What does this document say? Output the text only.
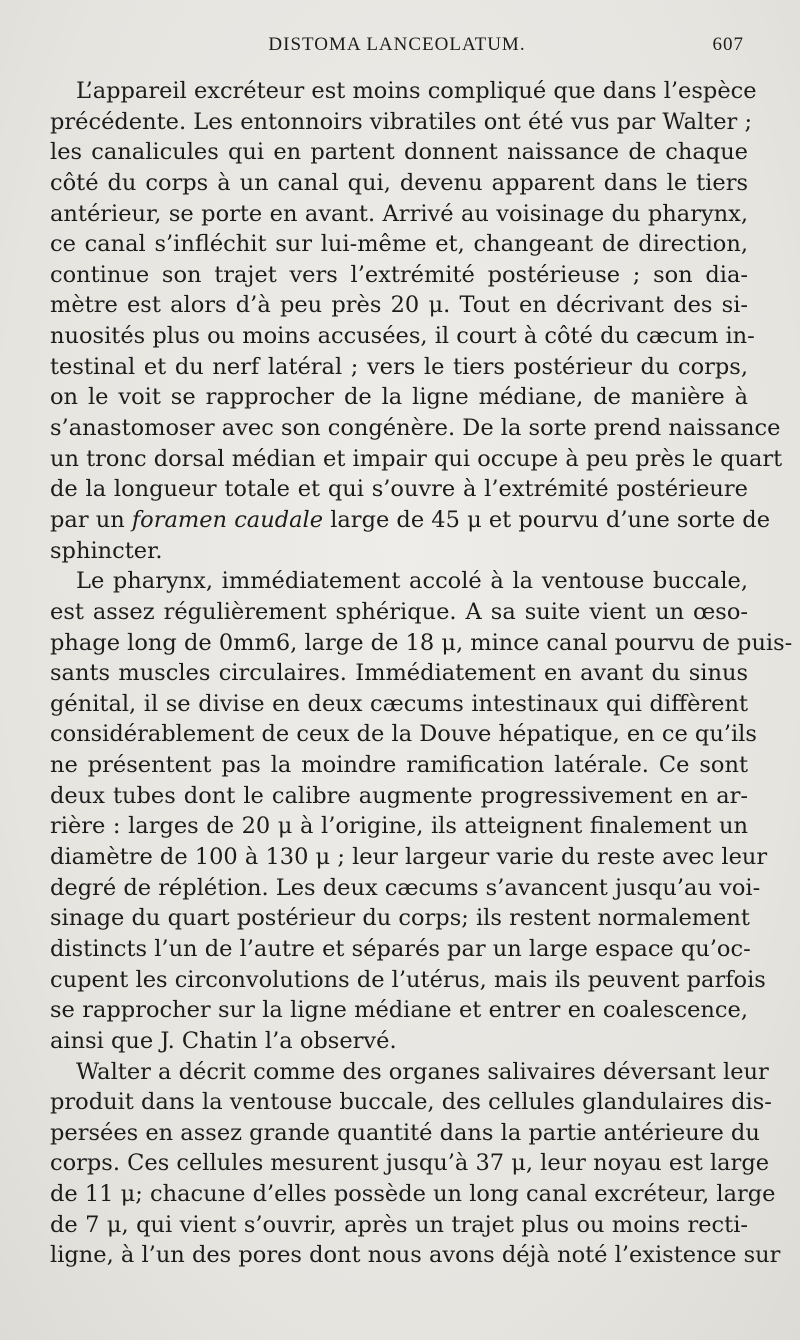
DISTOMA LANCEOLATUM.	607
L’appareil excréteur est moins compliqué que dans l’espèce
précédente. Les entonnoirs vibratiles ont été vus par Walter ;
les canalicules qui en partent donnent naissance de chaque
côté du corps à un canal qui, devenu apparent dans le tiers
antérieur, se porte en avant. Arrivé au voisinage du pharynx,
ce canal s’infléchit sur lui-même et, changeant de direction,
continue son trajet vers l’extrémité postérieuse ; son dia-
mètre est alors d’à peu près 20 μ. Tout en décrivant des si-
nuosités plus ou moins accusées, il court à côté du cæcum in-
testinal et du nerf latéral ; vers le tiers postérieur du corps,
on le voit se rapprocher de la ligne médiane, de manière à
s’anastomoser avec son congénère. De la sorte prend naissance
un tronc dorsal médian et impair qui occupe à peu près le quart
de la longueur totale et qui s’ouvre à l’extrémité postérieure
par un foramen caudale large de 45 μ et pourvu d’une sorte de
sphincter.
Le pharynx, immédiatement accolé à la ventouse buccale,
est assez régulièrement sphérique. A sa suite vient un œso-
phage long de 0mm6, large de 18 μ, mince canal pourvu de puis-
sants muscles circulaires. Immédiatement en avant du sinus
génital, il se divise en deux cæcums intestinaux qui diffèrent
considérablement de ceux de la Douve hépatique, en ce qu’ils
ne présentent pas la moindre ramification latérale. Ce sont
deux tubes dont le calibre augmente progressivement en ar-
rière : larges de 20 μ à l’origine, ils atteignent finalement un
diamètre de 100 à 130 μ ; leur largeur varie du reste avec leur
degré de réplétion. Les deux cæcums s’avancent jusqu’au voi-
sinage du quart postérieur du corps; ils restent normalement
distincts l’un de l’autre et séparés par un large espace qu’oc-
cupent les circonvolutions de l’utérus, mais ils peuvent parfois
se rapprocher sur la ligne médiane et entrer en coalescence,
ainsi que J. Chatin l’a observé.
Walter a décrit comme des organes salivaires déversant leur
produit dans la ventouse buccale, des cellules glandulaires dis-
persées en assez grande quantité dans la partie antérieure du
corps. Ces cellules mesurent jusqu’à 37 μ, leur noyau est large
de 11 μ; chacune d’elles possède un long canal excréteur, large
de 7 μ, qui vient s’ouvrir, après un trajet plus ou moins recti-
ligne, à l’un des pores dont nous avons déjà noté l’existence sur
